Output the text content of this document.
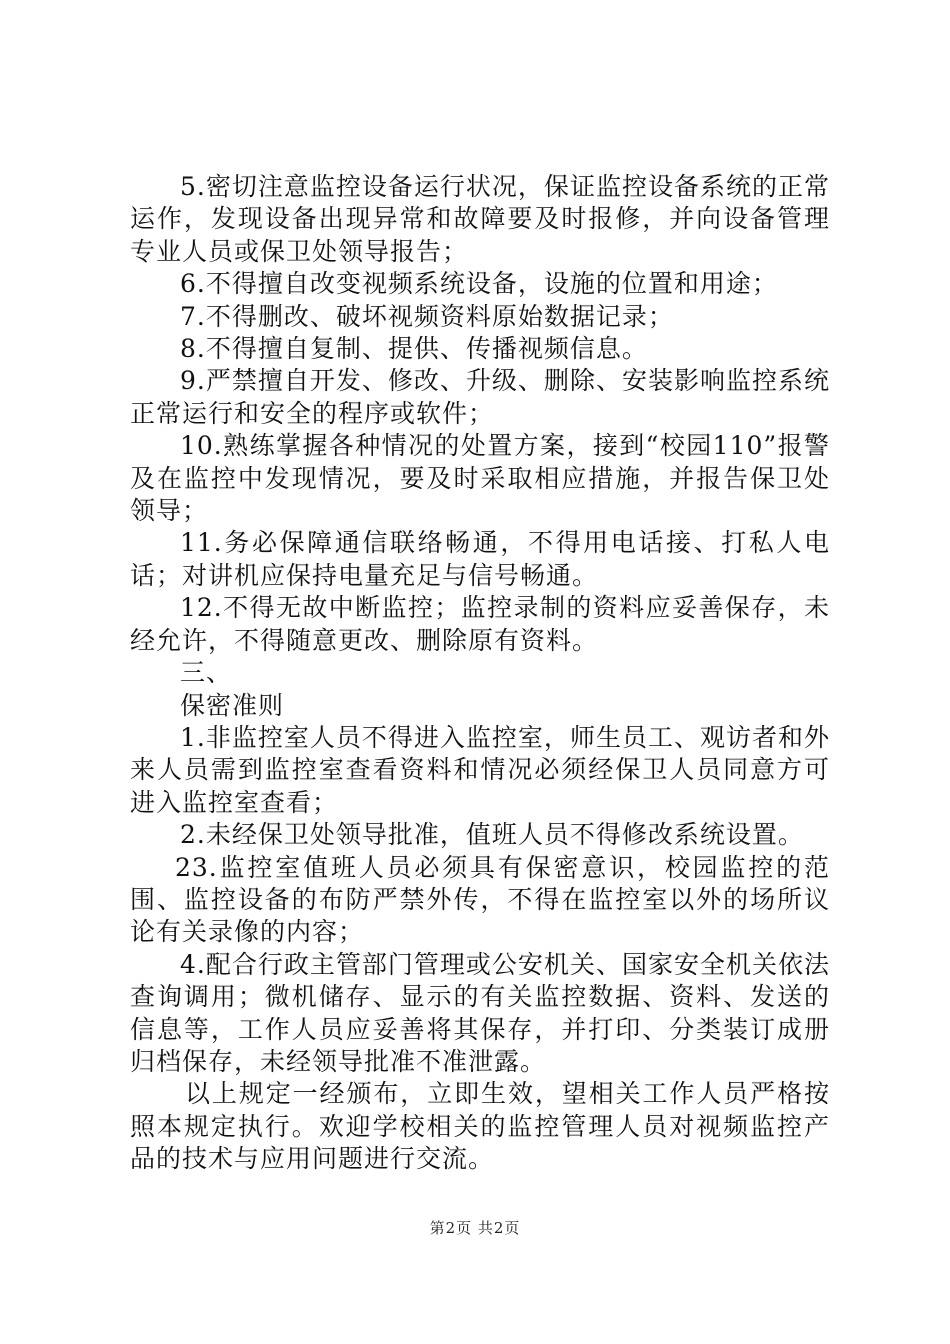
5.密切注意监控设备运行状况，保证监控设备系统的正常运作，发现设备出现异常和故障要及时报修，并向设备管理专业人员或保卫处领导报告；

6.不得擅自改变视频系统设备，设施的位置和用途；

7.不得删改、破坏视频资料原始数据记录；

8.不得擅自复制、提供、传播视频信息。

9.严禁擅自开发、修改、升级、删除、安装影响监控系统正常运行和安全的程序或软件；

10.熟练掌握各种情况的处置方案，接到“校园110”报警及在监控中发现情况，要及时采取相应措施，并报告保卫处领导；

11.务必保障通信联络畅通，不得用电话接、打私人电话；对讲机应保持电量充足与信号畅通。

12.不得无故中断监控；监控录制的资料应妥善保存，未经允许，不得随意更改、删除原有资料。

三、

保密准则

1.非监控室人员不得进入监控室，师生员工、观访者和外来人员需到监控室查看资料和情况必须经保卫人员同意方可进入监控室查看；

2.未经保卫处领导批准，值班人员不得修改系统设置。

23.监控室值班人员必须具有保密意识，校园监控的范围、监控设备的布防严禁外传，不得在监控室以外的场所议论有关录像的内容；

4.配合行政主管部门管理或公安机关、国家安全机关依法查询调用；微机储存、显示的有关监控数据、资料、发送的信息等，工作人员应妥善将其保存，并打印、分类装订成册归档保存，未经领导批准不准泄露。

以上规定一经颁布，立即生效，望相关工作人员严格按照本规定执行。欢迎学校相关的监控管理人员对视频监控产品的技术与应用问题进行交流。

第2页 共2页
